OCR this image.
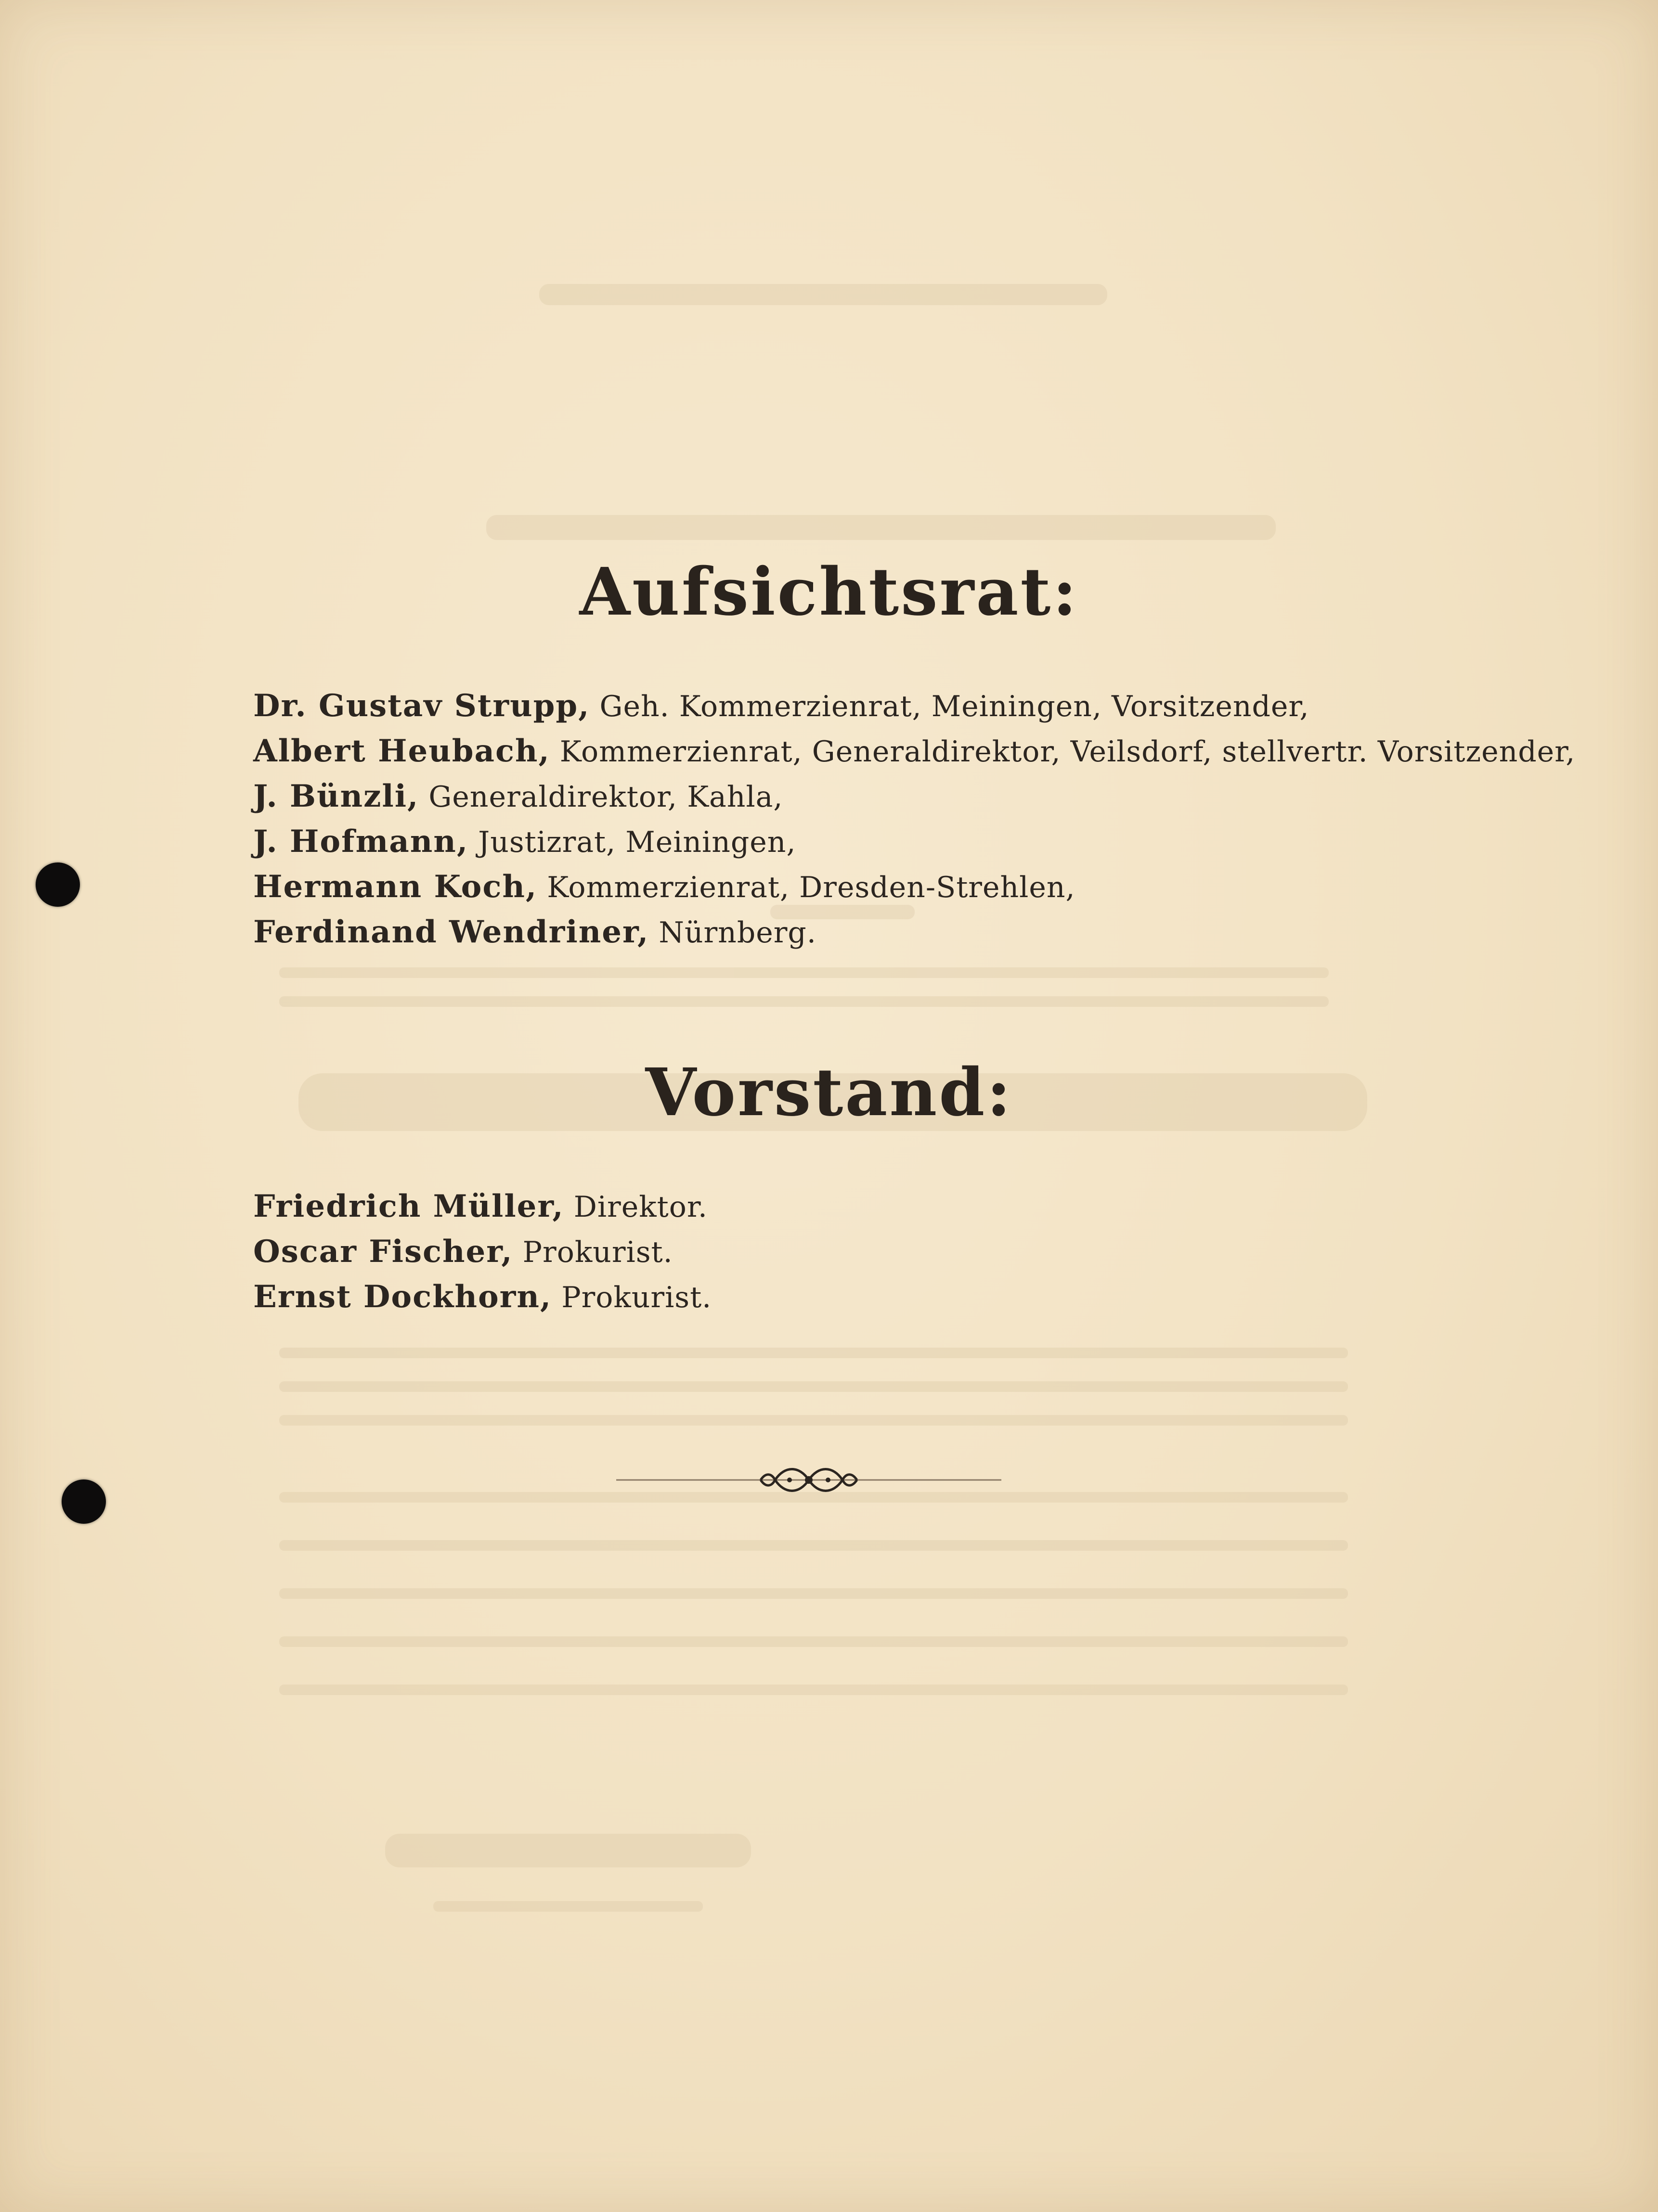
Aufsichtsrat:
Dr. Gustav Strupp, Geh. Kommerzienrat, Meiningen, Vorsitzender,
Albert Heubach, Kommerzienrat, Generaldirektor, Veilsdorf, stellvertr. Vorsitzender,
J. Bünzli, Generaldirektor, Kahla,
J. Hofmann, Justizrat, Meiningen,
Hermann Koch, Kommerzienrat, Dresden-Strehlen,
Ferdinand Wendriner, Nürnberg.
Vorstand:
Friedrich Müller, Direktor.
Oscar Fischer, Prokurist.
Ernst Dockhorn, Prokurist.
